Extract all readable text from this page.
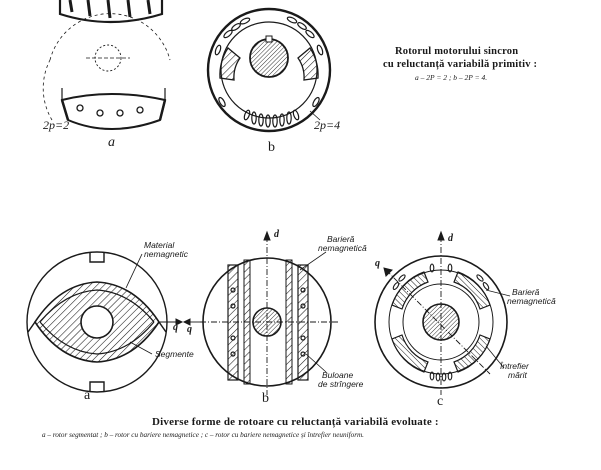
Rotorul motorului sincron
cu reluctanță variabilă primitiv :
a – 2P = 2 ; b – 2P = 4.
2p=2
a
2p=4
b
Material
nemagnetic
Segmente
q
a
d
q
Barieră
nemagnetică
Buloane
de strîngere
b
d
q
Barieră
nemagnetică
Întrefier
mărit
c
Diverse forme de rotoare cu reluctanță variabilă evoluate :
a – rotor segmentat ; b – rotor cu bariere nemagnetice ; c – rotor cu bariere nemagnetice și întrefier neuniform.
